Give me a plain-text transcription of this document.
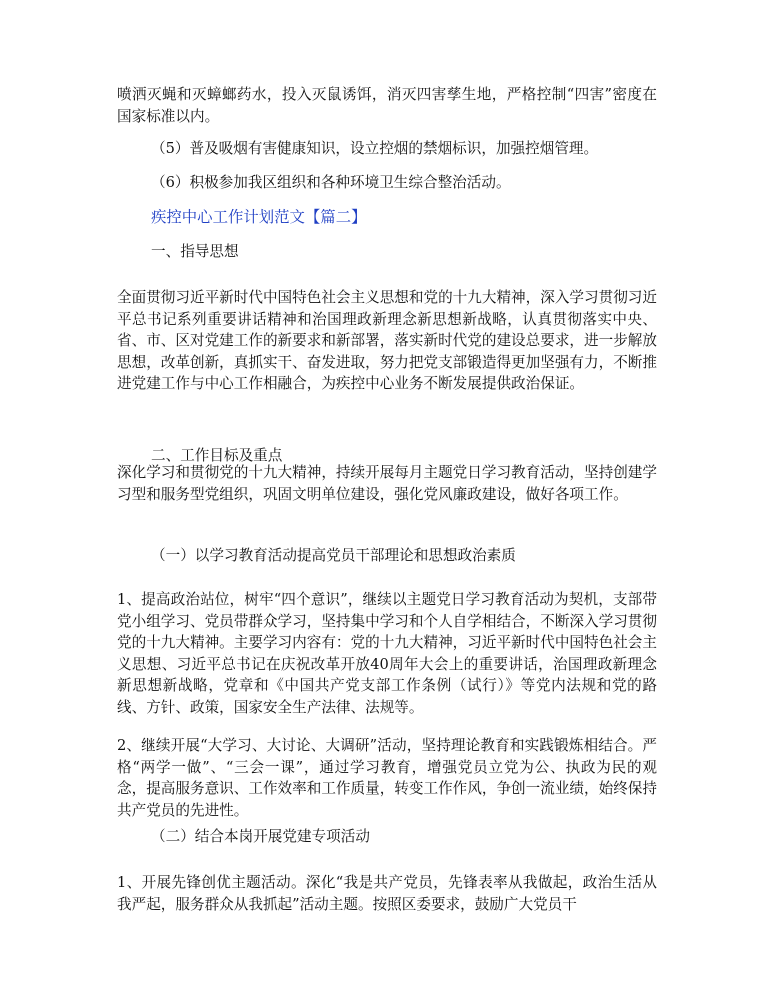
喷洒灭蝇和灭蟑螂药水，投入灭鼠诱饵，消灭四害孳生地，严格控制“四害”密度在国家标准以内。

（5）普及吸烟有害健康知识，设立控烟的禁烟标识，加强控烟管理。

（6）积极参加我区组织和各种环境卫生综合整治活动。

疾控中心工作计划范文【篇二】

一、指导思想

全面贯彻习近平新时代中国特色社会主义思想和党的十九大精神，深入学习贯彻习近平总书记系列重要讲话精神和治国理政新理念新思想新战略，认真贯彻落实中央、省、市、区对党建工作的新要求和新部署，落实新时代党的建设总要求，进一步解放思想，改革创新，真抓实干、奋发进取，努力把党支部锻造得更加坚强有力，不断推进党建工作与中心工作相融合，为疾控中心业务不断发展提供政治保证。

二、工作目标及重点

深化学习和贯彻党的十九大精神，持续开展每月主题党日学习教育活动，坚持创建学习型和服务型党组织，巩固文明单位建设，强化党风廉政建设，做好各项工作。

（一）以学习教育活动提高党员干部理论和思想政治素质

1、提高政治站位，树牢“四个意识”，继续以主题党日学习教育活动为契机，支部带党小组学习、党员带群众学习，坚持集中学习和个人自学相结合，不断深入学习贯彻党的十九大精神。主要学习内容有：党的十九大精神，习近平新时代中国特色社会主义思想、习近平总书记在庆祝改革开放40周年大会上的重要讲话，治国理政新理念新思想新战略，党章和《中国共产党支部工作条例（试行）》等党内法规和党的路线、方针、政策，国家安全生产法律、法规等。

2、继续开展“大学习、大讨论、大调研”活动，坚持理论教育和实践锻炼相结合。严格“两学一做”、“三会一课”，通过学习教育，增强党员立党为公、执政为民的观念，提高服务意识、工作效率和工作质量，转变工作作风，争创一流业绩，始终保持共产党员的先进性。

（二）结合本岗开展党建专项活动

1、开展先锋创优主题活动。深化“我是共产党员，先锋表率从我做起，政治生活从我严起，服务群众从我抓起”活动主题。按照区委要求，鼓励广大党员干
